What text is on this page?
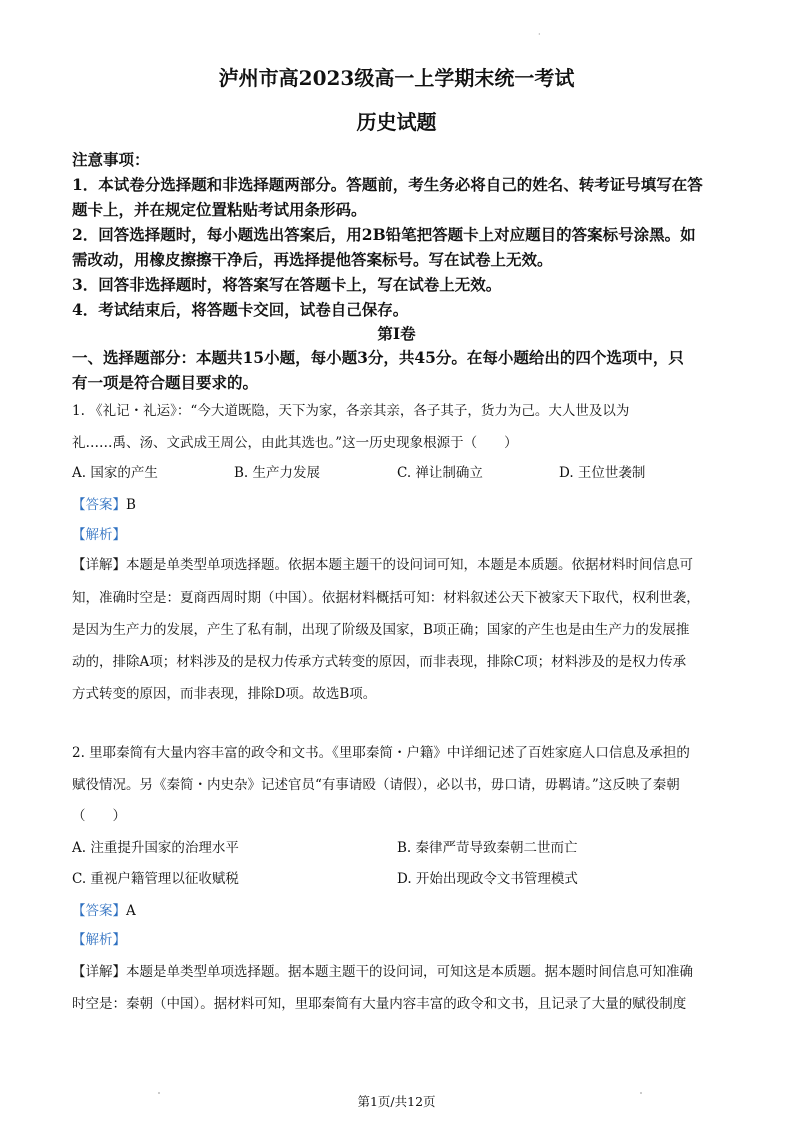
·
泸州市高2023级高一上学期末统一考试
历史试题
注意事项：
1．本试卷分选择题和非选择题两部分。答题前，考生务必将自己的姓名、转考证号填写在答
题卡上，并在规定位置粘贴考试用条形码。
2．回答选择题时，每小题选出答案后，用2B铅笔把答题卡上对应题目的答案标号涂黑。如
需改动，用橡皮擦擦干净后，再选择提他答案标号。写在试卷上无效。
3．回答非选择题时，将答案写在答题卡上，写在试卷上无效。
4．考试结束后，将答题卡交回，试卷自己保存。
第Ⅰ卷
一、选择题部分：本题共15小题，每小题3分，共45分。在每小题给出的四个选项中，只
有一项是符合题目要求的。
1. 《礼记・礼运》：“今大道既隐，天下为家，各亲其亲，各子其子，货力为己。大人世及以为
礼……禹、汤、文武成王周公，由此其选也。”这一历史现象根源于（　　）
A. 国家的产生	B. 生产力发展	C. 禅让制确立	D. 王位世袭制
【答案】B
【解析】
【详解】本题是单类型单项选择题。依据本题主题干的设问词可知，本题是本质题。依据材料时间信息可
知，准确时空是：夏商西周时期（中国）。依据材料概括可知：材料叙述公天下被家天下取代，权利世袭，
是因为生产力的发展，产生了私有制，出现了阶级及国家，B项正确；国家的产生也是由生产力的发展推
动的，排除A项；材料涉及的是权力传承方式转变的原因，而非表现，排除C项；材料涉及的是权力传承
方式转变的原因，而非表现，排除D项。故选B项。
2. 里耶秦简有大量内容丰富的政令和文书。《里耶秦简・户籍》中详细记述了百姓家庭人口信息及承担的
赋役情况。另《秦简・内史杂》记述官员“有事请殴（请假），必以书，毋口请，毋羁请。”这反映了秦朝
（　　）
A. 注重提升国家的治理水平	B. 秦律严苛导致秦朝二世而亡
C. 重视户籍管理以征收赋税	D. 开始出现政令文书管理模式
【答案】A
【解析】
【详解】本题是单类型单项选择题。据本题主题干的设问词，可知这是本质题。据本题时间信息可知准确
时空是：秦朝（中国）。据材料可知，里耶秦简有大量内容丰富的政令和文书，且记录了大量的赋役制度
第1页/共12页
